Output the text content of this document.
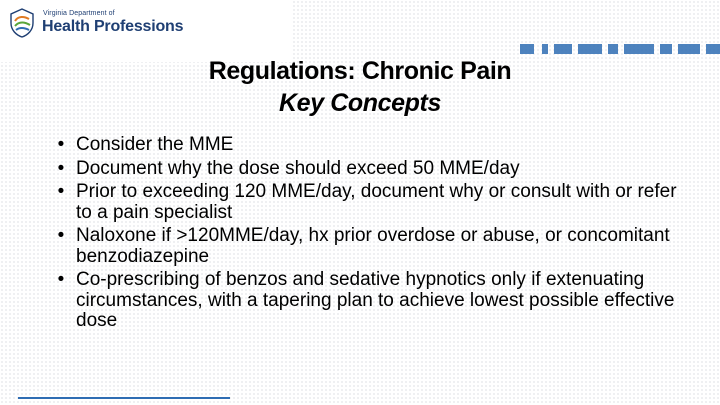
Virginia Department of
Health Professions
Regulations: Chronic Pain
Key Concepts
• Consider the MME
• Document why the dose should exceed 50 MME/day
• Prior to exceeding 120 MME/day, document why or consult with or refer to a pain specialist
• Naloxone if >120MME/day, hx prior overdose or abuse, or concomitant benzodiazepine
• Co-prescribing of benzos and sedative hypnotics only if extenuating circumstances, with a tapering plan to achieve lowest possible effective dose
